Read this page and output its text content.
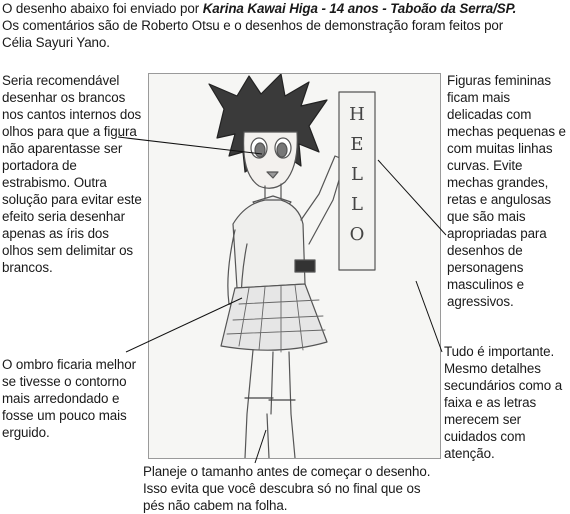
O desenho abaixo foi enviado por Karina Kawai Higa - 14 anos - Taboão da Serra/SP.
Os comentários são de Roberto Otsu e o desenhos de demonstração foram feitos por
Célia Sayuri Yano.
Seria recomendável desenhar os brancos nos cantos internos dos olhos para que a figura não aparentasse ser portadora de estrabismo. Outra solução para evitar este efeito seria desenhar apenas as íris dos olhos sem delimitar os brancos.
O ombro ficaria melhor se tivesse o contorno mais arredondado e fosse um pouco mais erguido.
Figuras femininas ficam mais delicadas com mechas pequenas e com muitas linhas curvas. Evite mechas grandes, retas e angulosas que são mais apropriadas para desenhos de personagens masculinos e agressivos.
Tudo é importante. Mesmo detalhes secundários como a faixa e as letras merecem ser cuidados com atenção.
Planeje o tamanho antes de começar o desenho. Isso evita que você descubra só no final que os pés não cabem na folha.
H
E
L
L
O
